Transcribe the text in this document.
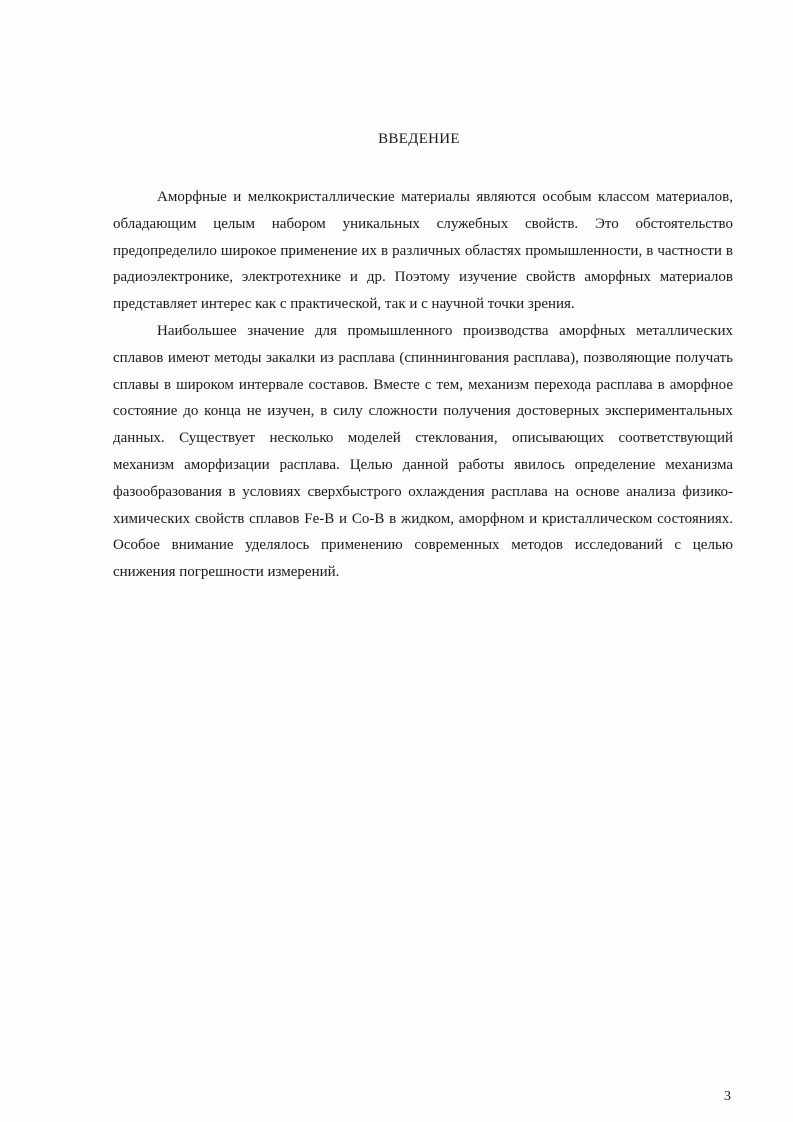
ВВЕДЕНИЕ

Аморфные и мелкокристаллические материалы являются особым классом материалов, обладающим целым набором уникальных служебных свойств. Это обстоятельство предопределило широкое применение их в различных областях промышленности, в частности в радиоэлектронике, электротехнике и др. Поэтому изучение свойств аморфных материалов представляет интерес как с практической, так и с научной точки зрения.

Наибольшее значение для промышленного производства аморфных металлических сплавов имеют методы закалки из расплава (спиннингования расплава), позволяющие получать сплавы в широком интервале составов. Вместе с тем, механизм перехода расплава в аморфное состояние до конца не изучен, в силу сложности получения достоверных экспериментальных данных. Существует несколько моделей стеклования, описывающих соответствующий механизм аморфизации расплава. Целью данной работы явилось определение механизма фазообразования в условиях сверхбыстрого охлаждения расплава на основе анализа физико-химических свойств сплавов Fe-B и Co-B в жидком, аморфном и кристаллическом состояниях. Особое внимание уделялось применению современных методов исследований с целью снижения погрешности измерений.

3
